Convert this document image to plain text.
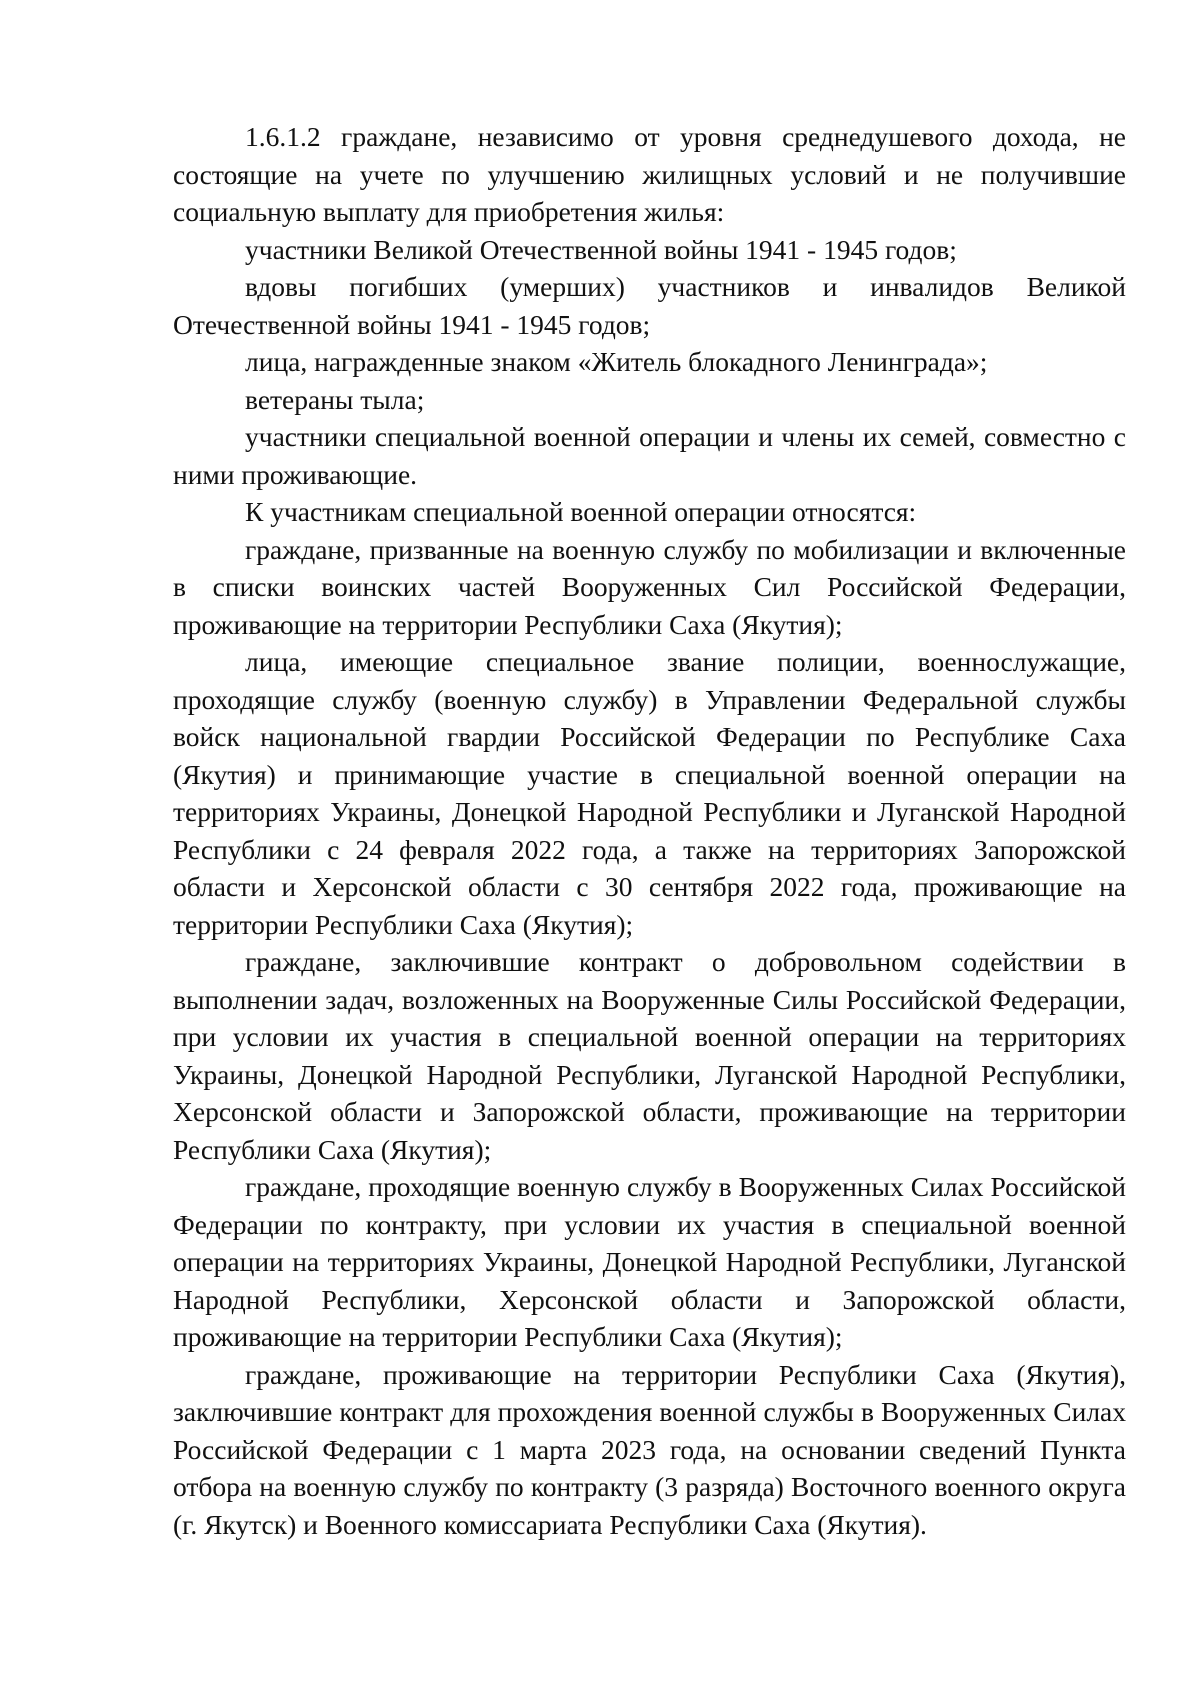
1.6.1.2 граждане, независимо от уровня среднедушевого дохода, не состоящие на учете по улучшению жилищных условий и не получившие социальную выплату для приобретения жилья:

участники Великой Отечественной войны 1941 - 1945 годов;

вдовы погибших (умерших) участников и инвалидов Великой Отечественной войны 1941 - 1945 годов;

лица, награжденные знаком «Житель блокадного Ленинграда»;

ветераны тыла;

участники специальной военной операции и члены их семей, совместно с ними проживающие.

К участникам специальной военной операции относятся:

граждане, призванные на военную службу по мобилизации и включенные в списки воинских частей Вооруженных Сил Российской Федерации, проживающие на территории Республики Саха (Якутия);

лица, имеющие специальное звание полиции, военнослужащие, проходящие службу (военную службу) в Управлении Федеральной службы войск национальной гвардии Российской Федерации по Республике Саха (Якутия) и принимающие участие в специальной военной операции на территориях Украины, Донецкой Народной Республики и Луганской Народной Республики с 24 февраля 2022 года, а также на территориях Запорожской области и Херсонской области с 30 сентября 2022 года, проживающие на территории Республики Саха (Якутия);

граждане, заключившие контракт о добровольном содействии в выполнении задач, возложенных на Вооруженные Силы Российской Федерации, при условии их участия в специальной военной операции на территориях Украины, Донецкой Народной Республики, Луганской Народной Республики, Херсонской области и Запорожской области, проживающие на территории Республики Саха (Якутия);

граждане, проходящие военную службу в Вооруженных Силах Российской Федерации по контракту, при условии их участия в специальной военной операции на территориях Украины, Донецкой Народной Республики, Луганской Народной Республики, Херсонской области и Запорожской области, проживающие на территории Республики Саха (Якутия);

граждане, проживающие на территории Республики Саха (Якутия), заключившие контракт для прохождения военной службы в Вооруженных Силах Российской Федерации с 1 марта 2023 года, на основании сведений Пункта отбора на военную службу по контракту (3 разряда) Восточного военного округа (г. Якутск) и Военного комиссариата Республики Саха (Якутия).
